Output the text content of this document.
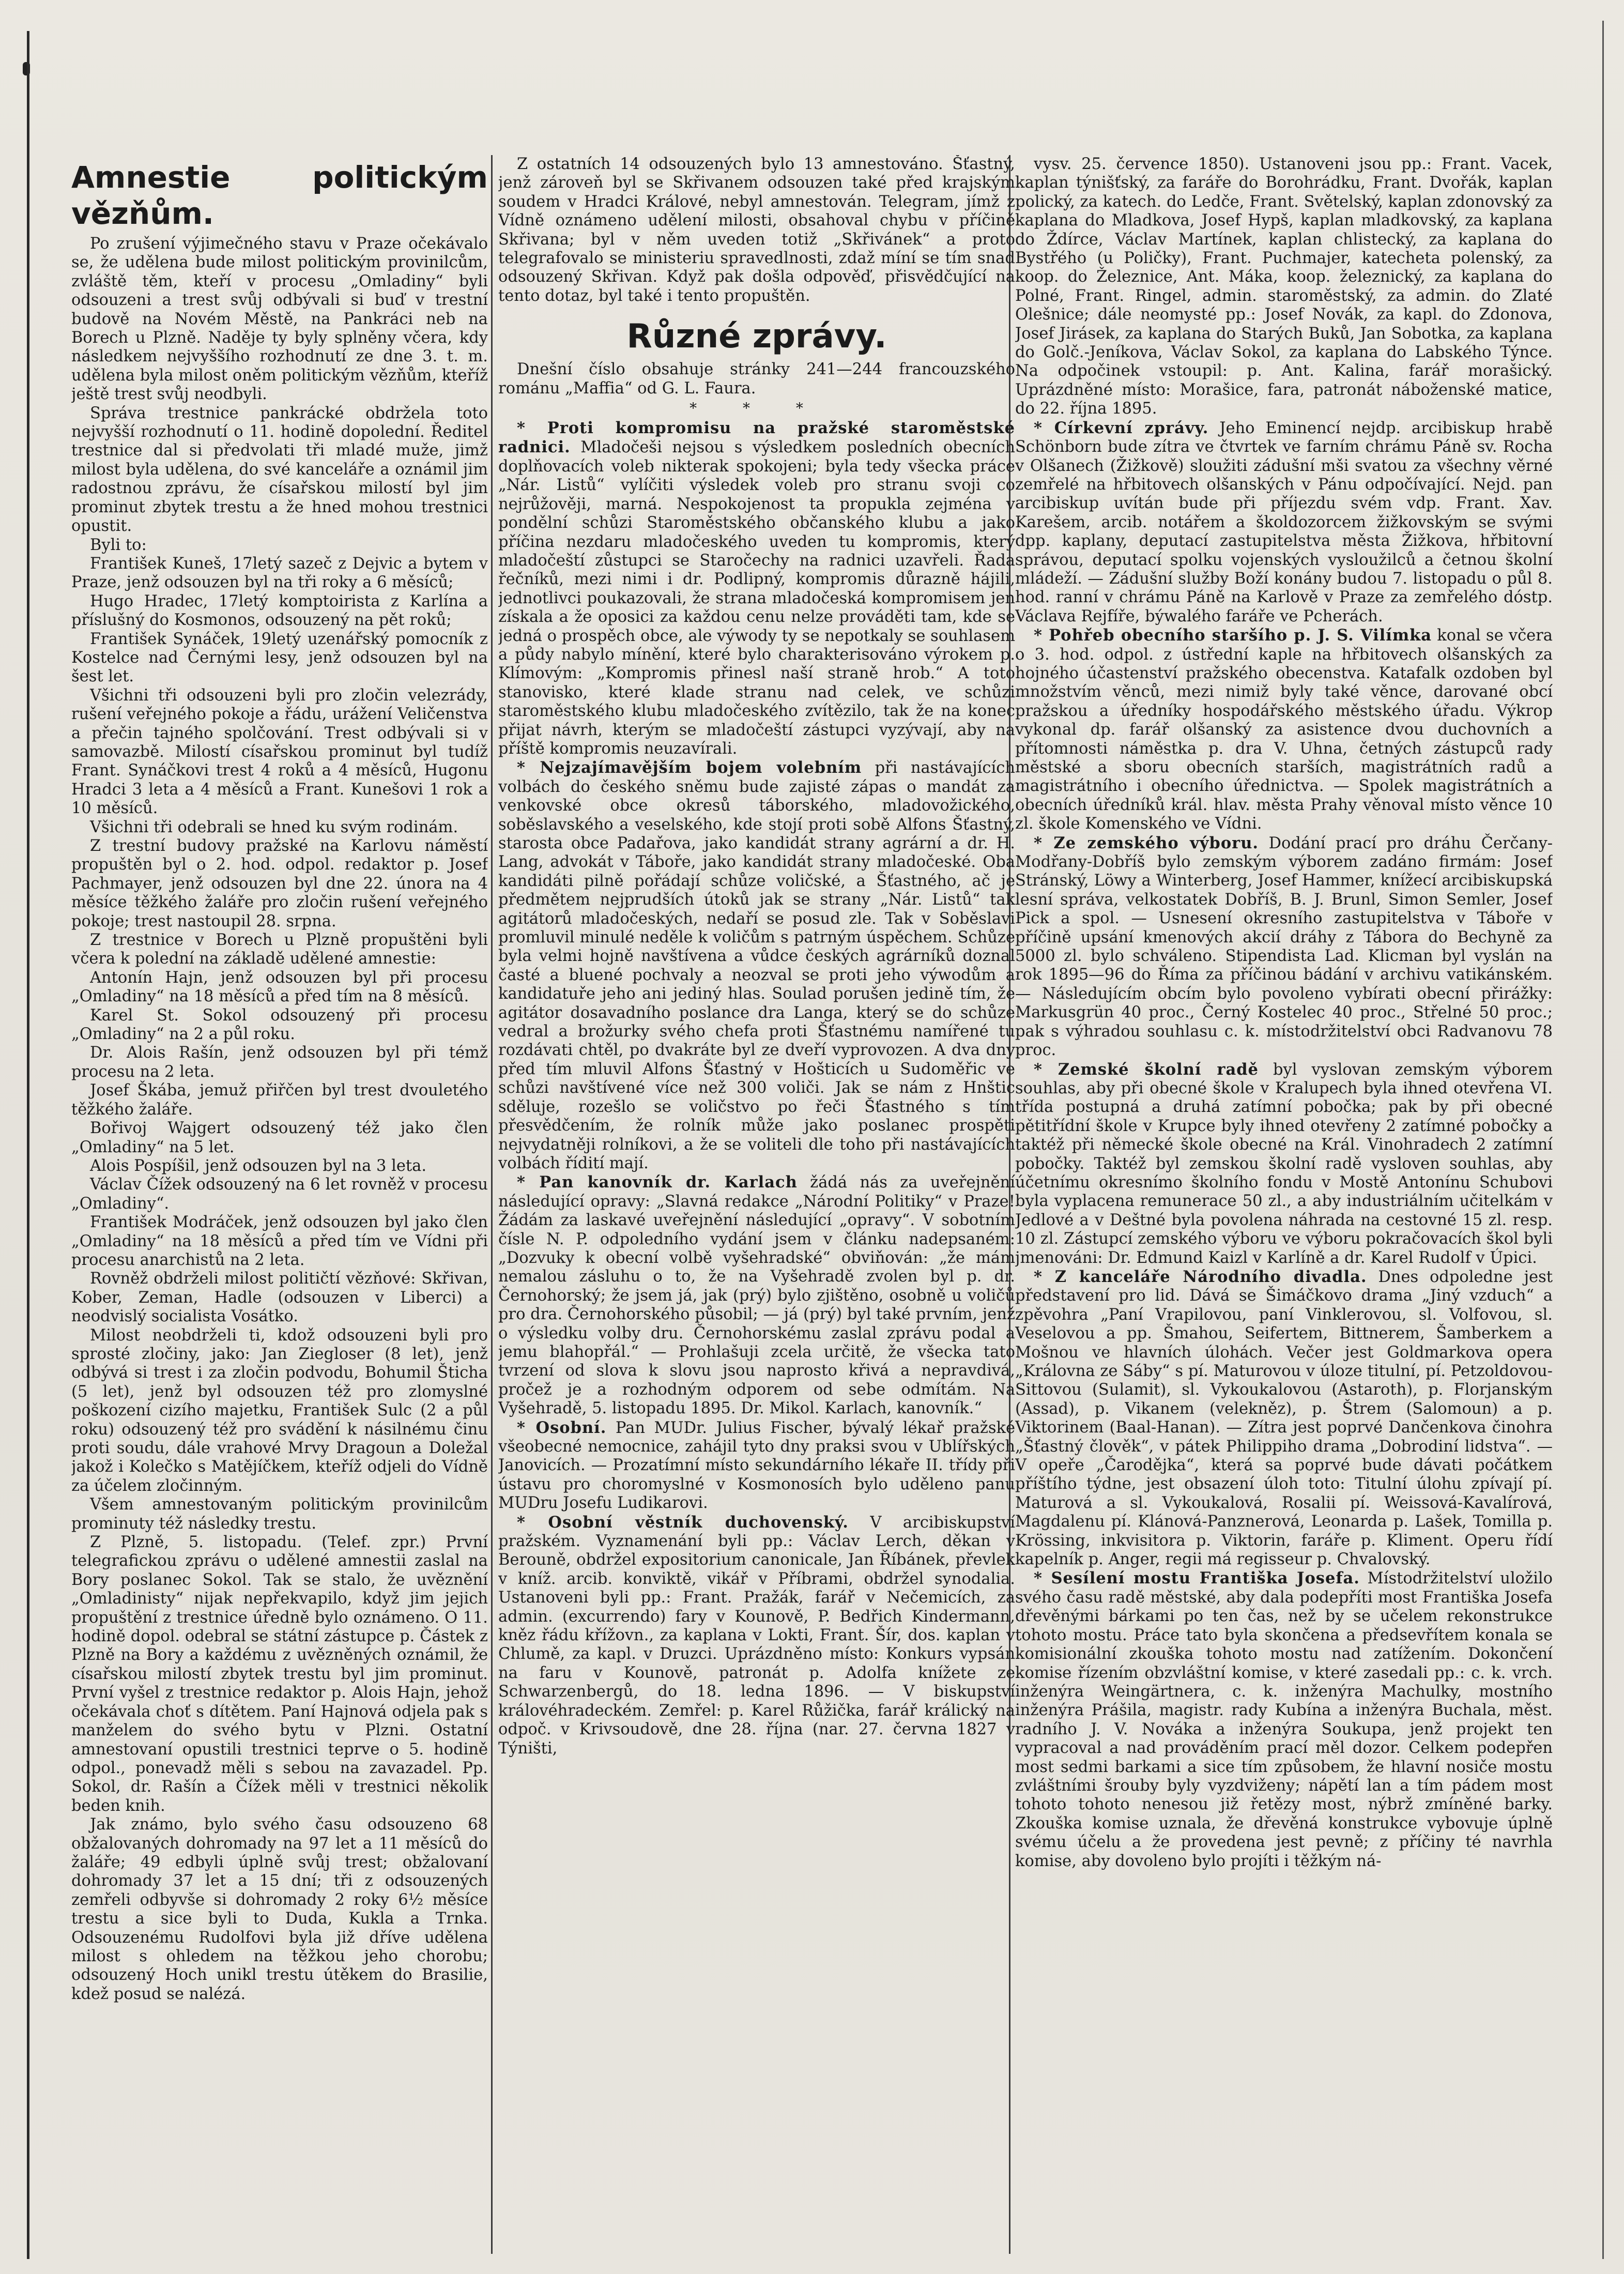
Amnestie politickým vězňům.

Po zrušení výjimečného stavu v Praze očekávalo se, že udělena bude milost politickým provinilcům, zvláště těm, kteří v procesu „Omladiny“ byli odsouzeni a trest svůj odbývali si buď v trestní budově na Novém Městě, na Pankráci neb na Borech u Plzně. Naděje ty byly splněny včera, kdy následkem nejvyššího rozhodnutí ze dne 3. t. m. udělena byla milost oněm politickým vězňům, kteříž ještě trest svůj neodbyli.

Správa trestnice pankrácké obdržela toto nejvyšší rozhodnutí o 11. hodině dopolední. Ředitel trestnice dal si předvolati tři mladé muže, jimž milost byla udělena, do své kanceláře a oznámil jim radostnou zprávu, že císařskou milostí byl jim prominut zbytek trestu a že hned mohou trestnici opustit.

Byli to:

František Kuneš, 17letý sazeč z Dejvic a bytem v Praze, jenž odsouzen byl na tři roky a 6 měsíců;

Hugo Hradec, 17letý komptoirista z Karlína a příslušný do Kosmonos, odsouzený na pět roků;

František Synáček, 19letý uzenářský pomocník z Kostelce nad Černými lesy, jenž odsouzen byl na šest let.

Všichni tři odsouzeni byli pro zločin velezrády, rušení veřejného pokoje a řádu, urážení Veličenstva a přečin tajného spolčování. Trest odbývali si v samovazbě. Milostí císařskou prominut byl tudíž Frant. Synáčkovi trest 4 roků a 4 měsíců, Hugonu Hradci 3 leta a 4 měsíců a Frant. Kunešovi 1 rok a 10 měsíců.

Všichni tři odebrali se hned ku svým rodinám.

Z trestní budovy pražské na Karlovu náměstí propuštěn byl o 2. hod. odpol. redaktor p. Josef Pachmayer, jenž odsouzen byl dne 22. února na 4 měsíce těžkého žaláře pro zločin rušení veřejného pokoje; trest nastoupil 28. srpna.

Z trestnice v Borech u Plzně propuštěni byli včera k polední na základě udělené amnestie:

Antonín Hajn, jenž odsouzen byl při procesu „Omladiny“ na 18 měsíců a před tím na 8 měsíců.

Karel St. Sokol odsouzený při procesu „Omladiny“ na 2 a půl roku.

Dr. Alois Rašín, jenž odsouzen byl při témž procesu na 2 leta.

Josef Škába, jemuž přiřčen byl trest dvouletého těžkého žaláře.

Bořivoj Wajgert odsouzený též jako člen „Omladiny“ na 5 let.

Alois Pospíšil, jenž odsouzen byl na 3 leta.

Václav Čížek odsouzený na 6 let rovněž v procesu „Omladiny“.

František Modráček, jenž odsouzen byl jako člen „Omladiny“ na 18 měsíců a před tím ve Vídni při procesu anarchistů na 2 leta.

Rovněž obdrželi milost političtí vězňové: Skřivan, Kober, Zeman, Hadle (odsouzen v Liberci) a neodvislý socialista Vosátko.

Milost neobdrželi ti, kdož odsouzeni byli pro sprosté zločiny, jako: Jan Ziegloser (8 let), jenž odbývá si trest i za zločin podvodu, Bohumil Šticha (5 let), jenž byl odsouzen též pro zlomyslné poškození cizího majetku, František Sulc (2 a půl roku) odsouzený též pro svádění k násilnému činu proti soudu, dále vrahové Mrvy Dragoun a Doležal jakož i Kolečko s Matějíčkem, kteříž odjeli do Vídně za účelem zločinným.

Všem amnestovaným politickým provinilcům prominuty též následky trestu.

Z Plzně, 5. listopadu. (Telef. zpr.) První telegrafickou zprávu o udělené amnestii zaslal na Bory poslanec Sokol. Tak se stalo, že uvěznění „Omladinisty“ nijak nepřekvapilo, když jim jejich propuštění z trestnice úředně bylo oznámeno. O 11. hodině dopol. odebral se státní zástupce p. Částek z Plzně na Bory a každému z uvězněných oznámil, že císařskou milostí zbytek trestu byl jim prominut. První vyšel z trestnice redaktor p. Alois Hajn, jehož očekávala choť s dítětem. Paní Hajnová odjela pak s manželem do svého bytu v Plzni. Ostatní amnestovaní opustili trestnici teprve o 5. hodině odpol., ponevadž měli s sebou na zavazadel. Pp. Sokol, dr. Rašín a Čížek měli v trestnici několik beden knih.

Jak známo, bylo svého času odsouzeno 68 obžalovaných dohromady na 97 let a 11 měsíců do žaláře; 49 edbyli úplně svůj trest; obžalovaní dohromady 37 let a 15 dní; tři z odsouzených zemřeli odbyvše si dohromady 2 roky 6½ měsíce trestu a sice byli to Duda, Kukla a Trnka. Odsouzenému Rudolfovi byla již dříve udělena milost s ohledem na těžkou jeho chorobu; odsouzený Hoch unikl trestu útěkem do Brasilie, kdež posud se nalézá.

Z ostatních 14 odsouzených bylo 13 amnestováno. Šťastný, jenž zároveň byl se Skřivanem odsouzen také před krajským soudem v Hradci Králové, nebyl amnestován. Telegram, jímž z Vídně oznámeno udělení milosti, obsahoval chybu v příčině Skřivana; byl v něm uveden totiž „Skřivánek“ a proto telegrafovalo se ministeriu spravedlnosti, zdaž míní se tím snad odsouzený Skřivan. Když pak došla odpověď, přisvědčující na tento dotaz, byl také i tento propuštěn.

Různé zprávy.

Dnešní číslo obsahuje stránky 241—244 francouzského románu „Maffia“ od G. L. Faura.

* * *

* Proti kompromisu na pražské staroměstské radnici. Mladočeši nejsou s výsledkem posledních obecních doplňovacích voleb nikterak spokojeni; byla tedy všecka práce „Nár. Listů“ vylíčiti výsledek voleb pro stranu svoji co nejrůžověji, marná. Nespokojenost ta propukla zejména v pondělní schůzi Staroměstského občanského klubu a jako příčina nezdaru mladočeského uveden tu kompromis, který mladočeští zůstupci se Staročechy na radnici uzavřeli. Řada řečníků, mezi nimi i dr. Podlipný, kompromis důrazně hájili, jednotlivci poukazovali, že strana mladočeská kompromisem jen získala a že oposici za každou cenu nelze prováděti tam, kde se jedná o prospěch obce, ale výwody ty se nepotkaly se souhlasem a půdy nabylo mínění, které bylo charakterisováno výrokem p. Klímovým: „Kompromis přinesl naší straně hrob.“ A toto stanovisko, které klade stranu nad celek, ve schůzi staroměstského klubu mladočeského zvítězilo, tak že na konec přijat návrh, kterým se mladočeští zástupci vyzývají, aby na příště kompromis neuzavírali.

* Nejzajímavějším bojem volebním při nastávajících volbách do českého sněmu bude zajisté zápas o mandát za venkovské obce okresů táborského, mladovožického, soběslavského a veselského, kde stojí proti sobě Alfons Šťastný, starosta obce Padařova, jako kandidát strany agrární a dr. H. Lang, advokát v Táboře, jako kandidát strany mladočeské. Oba kandidáti pilně pořádají schůze voličské, a Šťastného, ač je předmětem nejprudších útoků jak se strany „Nár. Listů“ tak agitátorů mladočeských, nedaří se posud zle. Tak v Soběslavi promluvil minulé neděle k voličům s patrným úspěchem. Schůze byla velmi hojně navštívena a vůdce českých agrárníků doznal časté a bluené pochvaly a neozval se proti jeho výwodům a kandidatuře jeho ani jediný hlas. Soulad porušen jedině tím, že agitátor dosavadního poslance dra Langa, který se do schůze vedral a brožurky svého chefa proti Šťastnému namířené tu rozdávati chtěl, po dvakráte byl ze dveří vyprovozen. A dva dny před tím mluvil Alfons Šťastný v Hošticích u Sudoměřic ve schůzi navštívené více než 300 voliči. Jak se nám z Hnštic sděluje, rozešlo se voličstvo po řeči Šťastného s tím přesvědčením, že rolník může jako poslanec prospěti nejvydatněji rolníkovi, a že se voliteli dle toho při nastávajících volbách řídití mají.

* Pan kanovník dr. Karlach žádá nás za uveřejnění následující opravy: „Slavná redakce „Národní Politiky“ v Praze! Žádám za laskavé uveřejnění následující „opravy“. V sobotním čísle N. P. odpoledního vydání jsem v článku nadepsaném: „Dozvuky k obecní volbě vyšehradské“ obviňován: „že mám nemalou zásluhu o to, že na Vyšehradě zvolen byl p. dr. Černohorský; že jsem já, jak (prý) bylo zjištěno, osobně u voličů pro dra. Černohorského působil; — já (prý) byl také prvním, jenž o výsledku volby dru. Černohorskému zaslal zprávu podal a jemu blahopřál.“ — Prohlašuji zcela určitě, že všecka tato tvrzení od slova k slovu jsou naprosto křivá a nepravdivá, pročež je a rozhodným odporem od sebe odmítám. Na Vyšehradě, 5. listopadu 1895. Dr. Mikol. Karlach, kanovník.“

* Osobní. Pan MUDr. Julius Fischer, bývalý lékař pražské všeobecné nemocnice, zahájil tyto dny praksi svou v Ublířských Janovicích. — Prozatímní místo sekundárního lékaře II. třídy při ústavu pro choromyslné v Kosmonosích bylo uděleno panu MUDru Josefu Ludikarovi.

* Osobní věstník duchovenský. V arcibiskupství pražském. Vyznamenání byli pp.: Václav Lerch, děkan v Berouně, obdržel expositorium canonicale, Jan Říbánek, převlek v kníž. arcib. konviktě, vikář v Příbrami, obdržel synodalia. Ustanoveni byli pp.: Frant. Pražák, farář v Nečemicích, za admin. (excurrendo) fary v Kounově, P. Bedřich Kindermann, kněz řádu křížovn., za kaplana v Lokti, Frant. Šír, dos. kaplan v Chlumě, za kapl. v Druzci. Uprázdněno místo: Konkurs vypsán na faru v Kounově, patronát p. Adolfa knížete ze Schwarzenbergů, do 18. ledna 1896. — V biskupství královéhradeckém. Zemřel: p. Karel Růžička, farář králický na odpoč. v Krivsoudově, dne 28. října (nar. 27. června 1827 v Týništi,

vysv. 25. července 1850). Ustanoveni jsou pp.: Frant. Vacek, kaplan týnišťský, za faráře do Borohrádku, Frant. Dvořák, kaplan polický, za katech. do Ledče, Frant. Světelský, kaplan zdonovský za kaplana do Mladkova, Josef Hypš, kaplan mladkovský, za kaplana do Ždírce, Václav Martínek, kaplan chlistecký, za kaplana do Bystřého (u Poličky), Frant. Puchmajer, katecheta polenský, za koop. do Železnice, Ant. Máka, koop. železnický, za kaplana do Polné, Frant. Ringel, admin. staroměstský, za admin. do Zlaté Olešnice; dále neomysté pp.: Josef Novák, za kapl. do Zdonova, Josef Jirásek, za kaplana do Starých Buků, Jan Sobotka, za kaplana do Golč.-Jeníkova, Václav Sokol, za kaplana do Labského Týnce. Na odpočinek vstoupil: p. Ant. Kalina, farář morašický. Uprázdněné místo: Morašice, fara, patronát náboženské matice, do 22. října 1895.

* Církevní zprávy. Jeho Eminencí nejdp. arcibiskup hrabě Schönborn bude zítra ve čtvrtek ve farním chrámu Páně sv. Rocha v Olšanech (Žižkově) sloužiti zádušní mši svatou za všechny věrné zemřelé na hřbitovech olšanských v Pánu odpočívající. Nejd. pan arcibiskup uvítán bude při příjezdu svém vdp. Frant. Xav. Karešem, arcib. notářem a školdozorcem žižkovským se svými dpp. kaplany, deputací zastupitelstva města Žižkova, hřbitovní správou, deputací spolku vojenských vysloužilců a četnou školní mládeží. — Zádušní služby Boží konány budou 7. listopadu o půl 8. hod. ranní v chrámu Páně na Karlově v Praze za zemřelého dóstp. Václava Rejfíře, býwalého faráře ve Pcherách.

* Pohřeb obecního staršího p. J. S. Vilímka konal se včera o 3. hod. odpol. z ústřední kaple na hřbitovech olšanských za hojného účastenství pražského obecenstva. Katafalk ozdoben byl množstvím věnců, mezi nimiž byly také věnce, darované obcí pražskou a úředníky hospodářského městského úřadu. Výkrop vykonal dp. farář olšanský za asistence dvou duchovních a přítomnosti náměstka p. dra V. Uhna, četných zástupců rady městské a sboru obecních starších, magistrátních radů a magistrátního i obecního úřednictva. — Spolek magistrátních a obecních úředníků král. hlav. města Prahy věnoval místo věnce 10 zl. škole Komenského ve Vídni.

* Ze zemského výboru. Dodání prací pro dráhu Čerčany-Modřany-Dobříš bylo zemským výborem zadáno firmám: Josef Stránský, Löwy a Winterberg, Josef Hammer, knížecí arcibiskupská lesní správa, velkostatek Dobříš, B. J. Brunl, Simon Semler, Josef Pick a spol. — Usnesení okresního zastupitelstva v Táboře v příčině upsání kmenových akcií dráhy z Tábora do Bechyně za 5000 zl. bylo schváleno. Stipendista Lad. Klicman byl vyslán na rok 1895—96 do Říma za příčinou bádání v archivu vatikánském. — Následujícím obcím bylo povoleno vybírati obecní přirážky: Markusgrün 40 proc., Černý Kostelec 40 proc., Střelné 50 proc.; pak s výhradou souhlasu c. k. místodržitelství obci Radvanovu 78 proc.

* Zemské školní radě byl vyslovan zemským výborem souhlas, aby při obecné škole v Kralupech byla ihned otevřena VI. třída postupná a druhá zatímní pobočka; pak by při obecné pětitřídní škole v Krupce byly ihned otevřeny 2 zatímné pobočky a taktéž při německé škole obecné na Král. Vinohradech 2 zatímní pobočky. Taktéž byl zemskou školní radě vysloven souhlas, aby účetnímu okresnímo školního fondu v Mostě Antonínu Schubovi byla vyplacena remunerace 50 zl., a aby industriálním učitelkám v Jedlové a v Deštné byla povolena náhrada na cestovné 15 zl. resp. 10 zl. Zástupcí zemského výboru ve výboru pokračovacích škol byli jmenováni: Dr. Edmund Kaizl v Karlíně a dr. Karel Rudolf v Úpici.

* Z kanceláře Národního divadla. Dnes odpoledne jest představení pro lid. Dává se Šimáčkovo drama „Jiný vzduch“ a zpěvohra „Paní Vrapilovou, paní Vinklerovou, sl. Volfovou, sl. Veselovou a pp. Šmahou, Seifertem, Bittnerem, Šamberkem a Mošnou ve hlavních úlohách. Večer jest Goldmarkova opera „Královna ze Sáby“ s pí. Maturovou v úloze titulní, pí. Petzoldovou-Sittovou (Sulamit), sl. Vykoukalovou (Astaroth), p. Florjanským (Assad), p. Vikanem (velekněz), p. Štrem (Salomoun) a p. Viktorinem (Baal-Hanan). — Zítra jest poprvé Dančenkova činohra „Šťastný člověk“, v pátek Philippiho drama „Dobrodiní lidstva“. — V opeře „Čarodějka“, která sa poprvé bude dávati počátkem příštího týdne, jest obsazení úloh toto: Titulní úlohu zpívají pí. Maturová a sl. Vykoukalová, Rosalii pí. Weissová-Kavalírová, Magdalenu pí. Klánová-Panznerová, Leonarda p. Lašek, Tomilla p. Krössing, inkvisitora p. Viktorin, faráře p. Kliment. Operu řídí kapelník p. Anger, regii má regisseur p. Chvalovský.

* Sesílení mostu Františka Josefa. Místodržitelství uložilo svého času radě městské, aby dala podepříti most Františka Josefa dřevěnými bárkami po ten čas, než by se učelem rekonstrukce tohoto mostu. Práce tato byla skončena a předsevřítem konala se komisionální zkouška tohoto mostu nad zatížením. Dokončení komise řízením obzvláštní komise, v které zasedali pp.: c. k. vrch. inženýra Weingärtnera, c. k. inženýra Machulky, mostního inženýra Prášila, magistr. rady Kubína a inženýra Buchala, měst. radního J. V. Nováka a inženýra Soukupa, jenž projekt ten vypracoval a nad prováděním prací měl dozor. Celkem podepřen most sedmi barkami a sice tím způsobem, že hlavní nosiče mostu zvláštními šrouby byly vyzdviženy; nápětí lan a tím pádem most tohoto tohoto nenesou již řetězy most, nýbrž zmíněné barky. Zkouška komise uznala, že dřevěná konstrukce vybovuje úplně svému účelu a že provedena jest pevně; z příčiny té navrhla komise, aby dovoleno bylo projíti i těžkým ná-
